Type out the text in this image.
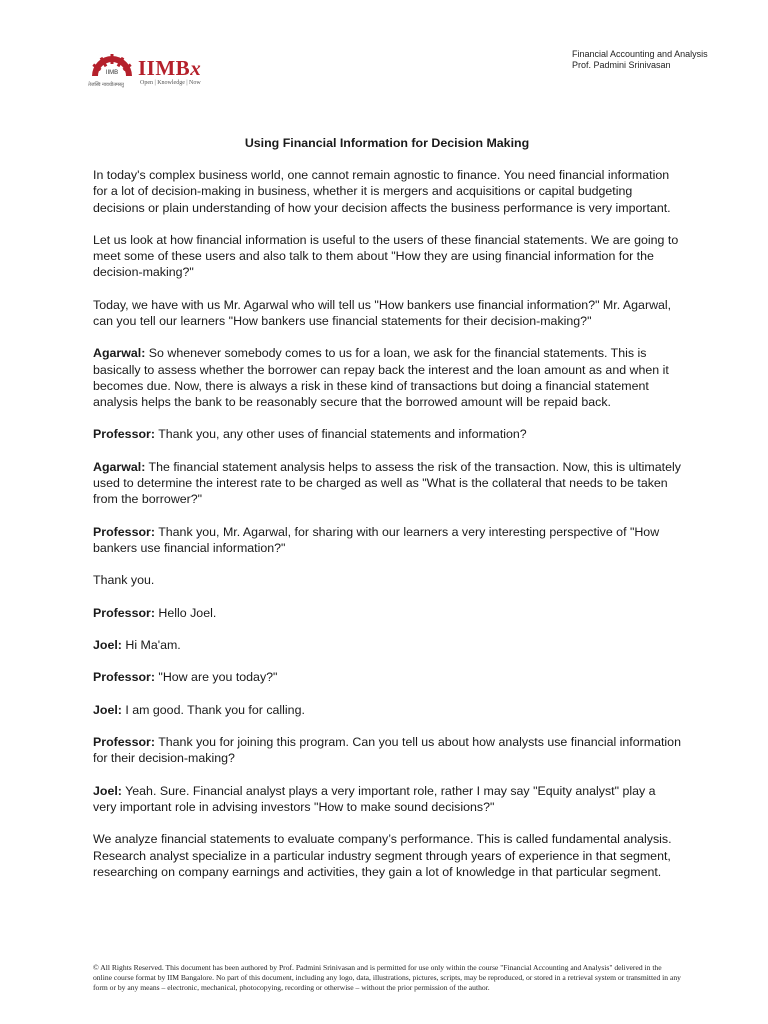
IIMB IIMBx
Open | Knowledge | Now
तेजस्वि नावधीतमस्तु
Financial Accounting and Analysis
Prof. Padmini Srinivasan
Using Financial Information for Decision Making

In today's complex business world, one cannot remain agnostic to finance. You need financial information for a lot of decision-making in business, whether it is mergers and acquisitions or capital budgeting decisions or plain understanding of how your decision affects the business performance is very important.

Let us look at how financial information is useful to the users of these financial statements. We are going to meet some of these users and also talk to them about "How they are using financial information for the decision-making?"

Today, we have with us Mr. Agarwal who will tell us "How bankers use financial information?" Mr. Agarwal, can you tell our learners "How bankers use financial statements for their decision-making?"

Agarwal: So whenever somebody comes to us for a loan, we ask for the financial statements. This is basically to assess whether the borrower can repay back the interest and the loan amount as and when it becomes due. Now, there is always a risk in these kind of transactions but doing a financial statement analysis helps the bank to be reasonably secure that the borrowed amount will be repaid back.

Professor: Thank you, any other uses of financial statements and information?

Agarwal: The financial statement analysis helps to assess the risk of the transaction. Now, this is ultimately used to determine the interest rate to be charged as well as "What is the collateral that needs to be taken from the borrower?"

Professor: Thank you, Mr. Agarwal, for sharing with our learners a very interesting perspective of "How bankers use financial information?"

Thank you.

Professor: Hello Joel.

Joel: Hi Ma'am.

Professor: "How are you today?"

Joel: I am good. Thank you for calling.

Professor: Thank you for joining this program. Can you tell us about how analysts use financial information for their decision-making?

Joel: Yeah. Sure. Financial analyst plays a very important role, rather I may say "Equity analyst" play a very important role in advising investors "How to make sound decisions?"

We analyze financial statements to evaluate company’s performance. This is called fundamental analysis. Research analyst specialize in a particular industry segment through years of experience in that segment, researching on company earnings and activities, they gain a lot of knowledge in that particular segment.

© All Rights Reserved. This document has been authored by Prof. Padmini Srinivasan and is permitted for use only within the course "Financial Accounting and Analysis" delivered in the online course format by IIM Bangalore. No part of this document, including any logo, data, illustrations, pictures, scripts, may be reproduced, or stored in a retrieval system or transmitted in any form or by any means – electronic, mechanical, photocopying, recording or otherwise – without the prior permission of the author.
